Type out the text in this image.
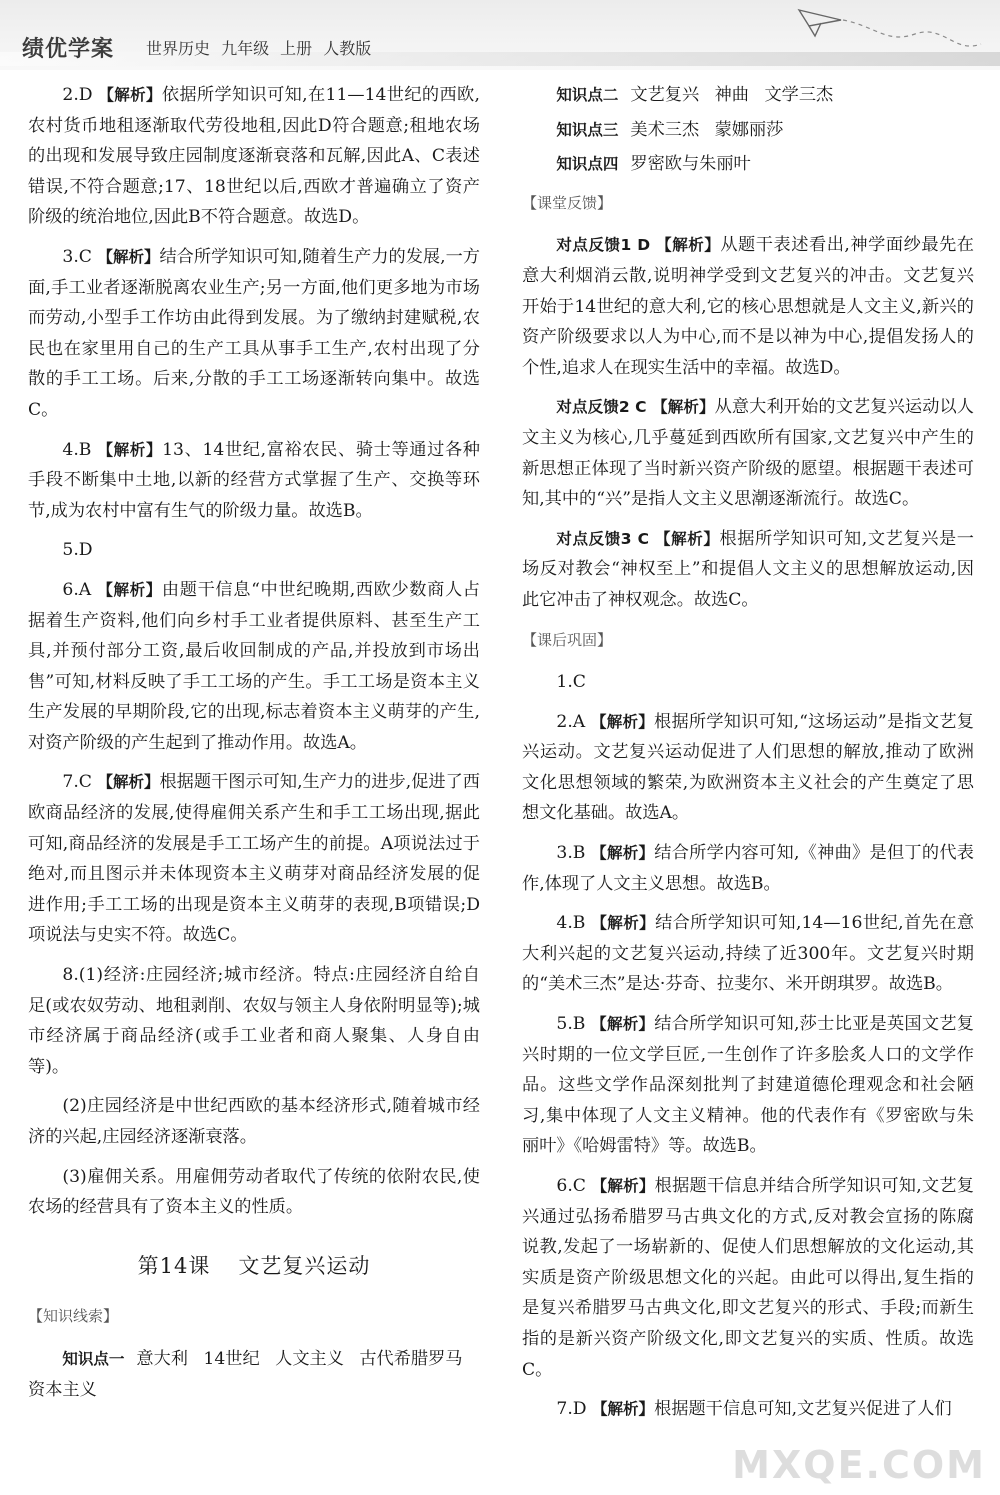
绩优学案 世界历史 九年级 上册 人教版

2.D 【解析】依据所学知识可知,在11—14世纪的西欧,农村货币地租逐渐取代劳役地租,因此D符合题意;租地农场的出现和发展导致庄园制度逐渐衰落和瓦解,因此A、C表述错误,不符合题意;17、18世纪以后,西欧才普遍确立了资产阶级的统治地位,因此B不符合题意。故选D。

3.C 【解析】结合所学知识可知,随着生产力的发展,一方面,手工业者逐渐脱离农业生产;另一方面,他们更多地为市场而劳动,小型手工作坊由此得到发展。为了缴纳封建赋税,农民也在家里用自己的生产工具从事手工生产,农村出现了分散的手工工场。后来,分散的手工工场逐渐转向集中。故选C。

4.B 【解析】13、14世纪,富裕农民、骑士等通过各种手段不断集中土地,以新的经营方式掌握了生产、交换等环节,成为农村中富有生气的阶级力量。故选B。

5.D

6.A 【解析】由题干信息“中世纪晚期,西欧少数商人占据着生产资料,他们向乡村手工业者提供原料、甚至生产工具,并预付部分工资,最后收回制成的产品,并投放到市场出售”可知,材料反映了手工工场的产生。手工工场是资本主义生产发展的早期阶段,它的出现,标志着资本主义萌芽的产生,对资产阶级的产生起到了推动作用。故选A。

7.C 【解析】根据题干图示可知,生产力的进步,促进了西欧商品经济的发展,使得雇佣关系产生和手工工场出现,据此可知,商品经济的发展是手工工场产生的前提。A项说法过于绝对,而且图示并未体现资本主义萌芽对商品经济发展的促进作用;手工工场的出现是资本主义萌芽的表现,B项错误;D项说法与史实不符。故选C。

8.(1)经济:庄园经济;城市经济。特点:庄园经济自给自足(或农奴劳动、地租剥削、农奴与领主人身依附明显等);城市经济属于商品经济(或手工业者和商人聚集、人身自由等)。

(2)庄园经济是中世纪西欧的基本经济形式,随着城市经济的兴起,庄园经济逐渐衰落。

(3)雇佣关系。用雇佣劳动者取代了传统的依附农民,使农场的经营具有了资本主义的性质。

第14课 文艺复兴运动
【知识线索】

知识点一 意大利 14世纪 人文主义 古代希腊罗马 资本主义

知识点二 文艺复兴 神曲 文学三杰

知识点三 美术三杰 蒙娜丽莎

知识点四 罗密欧与朱丽叶

【课堂反馈】

对点反馈1 D 【解析】从题干表述看出,神学面纱最先在意大利烟消云散,说明神学受到文艺复兴的冲击。文艺复兴开始于14世纪的意大利,它的核心思想就是人文主义,新兴的资产阶级要求以人为中心,而不是以神为中心,提倡发扬人的个性,追求人在现实生活中的幸福。故选D。

对点反馈2 C 【解析】从意大利开始的文艺复兴运动以人文主义为核心,几乎蔓延到西欧所有国家,文艺复兴中产生的新思想正体现了当时新兴资产阶级的愿望。根据题干表述可知,其中的“兴”是指人文主义思潮逐渐流行。故选C。

对点反馈3 C 【解析】根据所学知识可知,文艺复兴是一场反对教会“神权至上”和提倡人文主义的思想解放运动,因此它冲击了神权观念。故选C。

【课后巩固】

1.C

2.A 【解析】根据所学知识可知,“这场运动”是指文艺复兴运动。文艺复兴运动促进了人们思想的解放,推动了欧洲文化思想领域的繁荣,为欧洲资本主义社会的产生奠定了思想文化基础。故选A。

3.B 【解析】结合所学内容可知,《神曲》是但丁的代表作,体现了人文主义思想。故选B。

4.B 【解析】结合所学知识可知,14—16世纪,首先在意大利兴起的文艺复兴运动,持续了近300年。文艺复兴时期的“美术三杰”是达·芬奇、拉斐尔、米开朗琪罗。故选B。

5.B 【解析】结合所学知识可知,莎士比亚是英国文艺复兴时期的一位文学巨匠,一生创作了许多脍炙人口的文学作品。这些文学作品深刻批判了封建道德伦理观念和社会陋习,集中体现了人文主义精神。他的代表作有《罗密欧与朱丽叶》《哈姆雷特》等。故选B。

6.C 【解析】根据题干信息并结合所学知识可知,文艺复兴通过弘扬希腊罗马古典文化的方式,反对教会宣扬的陈腐说教,发起了一场崭新的、促使人们思想解放的文化运动,其实质是资产阶级思想文化的兴起。由此可以得出,复生指的是复兴希腊罗马古典文化,即文艺复兴的形式、手段;而新生指的是新兴资产阶级文化,即文艺复兴的实质、性质。故选C。

7.D 【解析】根据题干信息可知,文艺复兴促进了人们

MXQE.COM
